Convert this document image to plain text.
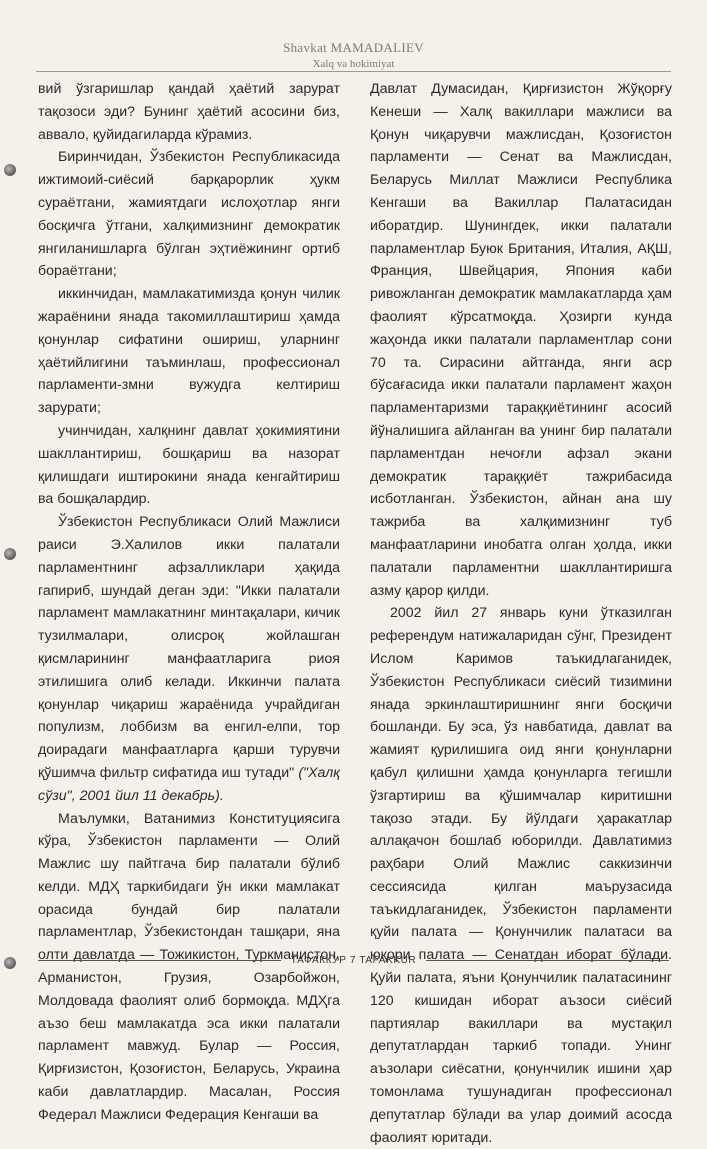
Shavkat MAMADALIEV
Xalq va hokimiyat

вий ўзгаришлар қандай ҳаётий зарурат тақозоси эди? Бунинг ҳаётий асосини биз, аввало, қуйидагиларда кўрамиз.

Биринчидан, Ўзбекистон Республикасида ижтимоий-сиёсий барқарорлик ҳукм сураётгани, жамиятдаги ислоҳотлар янги босқичга ўтгани, халқимизнинг демократик янгиланишларга бўлган эҳтиёжининг ортиб бораётгани;

иккинчидан, мамлакатимизда қонун чилик жараёнини янада такомиллаштириш ҳамда қонунлар сифатини ошириш, уларнинг ҳаётийлигини таъминлаш, профессионал парламенти-змни вужудга келтириш зарурати;

учинчидан, халқнинг давлат ҳокимиятини шакллантириш, бошқариш ва назорат қилишдаги иштирокини янада кенгайтириш ва бошқалардир.

Ўзбекистон Республикаси Олий Мажлиси раиси Э.Халилов икки палатали парламентнинг афзалликлари ҳақида гапириб, шундай деган эди: "Икки палатали парламент мамлакатнинг минтақалари, кичик тузилмалари, олисроқ жойлашган қисмларининг манфаатларига риоя этилишига олиб келади. Иккинчи палата қонунлар чиқариш жараёнида учрайдиган популизм, лоббизм ва енгил-елпи, тор доирадаги манфаатларга қарши турувчи қўшимча фильтр сифатида иш тутади" ("Халқ сўзи", 2001 йил 11 декабрь).

Маълумки, Ватанимиз Конституциясига кўра, Ўзбекистон парламенти — Олий Мажлис шу пайтгача бир палатали бўлиб келди. МДҲ таркибидаги ўн икки мамлакат орасида бундай бир палатали парламентлар, Ўзбекистондан ташқари, яна олти давлатда — Тожикистон, Туркманистон, Арманистон, Грузия, Озарбойжон, Молдовада фаолият олиб бормоқда. МДҲга аъзо беш мамлакатда эса икки палатали парламент мавжуд. Булар — Россия, Қирғизистон, Қозоғистон, Беларусь, Украина каби давлатлардир. Масалан, Россия Федерал Мажлиси Федерация Кенгаши ва

Давлат Думасидан, Қирғизистон Жўқорғу Кенеши — Халқ вакиллари мажлиси ва Қонун чиқарувчи мажлисдан, Қозоғистон парламенти — Сенат ва Мажлисдан, Беларусь Миллат Мажлиси Республика Кенгаши ва Вакиллар Палатасидан иборатдир. Шунингдек, икки палатали парламентлар Буюк Британия, Италия, АҚШ, Франция, Швейцария, Япония каби ривожланган демократик мамлакатларда ҳам фаолият кўрсатмоқда. Ҳозирги кунда жаҳонда икки палатали парламентлар сони 70 та. Сирасини айтганда, янги аср бўсағасида икки палатали парламент жаҳон парламентаризми тараққиётининг асосий йўналишига айланган ва унинг бир палатали парламентдан нечоғли афзал экани демократик тараққиёт тажрибасида исботланган. Ўзбекистон, айнан ана шу тажриба ва халқимизнинг туб манфаатларини инобатга олган ҳолда, икки палатали парламентни шакллантиришга азму қарор қилди.

2002 йил 27 январь куни ўтказилган референдум натижаларидан сўнг, Президент Ислом Каримов таъкидлаганидек, Ўзбекистон Республикаси сиёсий тизимини янада эркинлаштиришнинг янги босқичи бошланди. Бу эса, ўз навбатида, давлат ва жамият қурилишига оид янги қонунларни қабул қилишни ҳамда қонунларга тегишли ўзгартириш ва қўшимчалар киритишни тақозо этади. Бу йўлдаги ҳаракатлар аллақачон бошлаб юборилди. Давлатимиз раҳбари Олий Мажлис саккизинчи сессиясида қилган маърузасида таъкидлаганидек, Ўзбекистон парламенти қуйи палата — Қонунчилик палатаси ва юқори палата — Сенатдан иборат бўлади. Қуйи палата, яъни Қонунчилик палатасининг 120 кишидан иборат аъзоси сиёсий партиялар вакиллари ва мустақил депутатлардан таркиб топади. Унинг аъзолари сиёсатни, қонунчилик ишини ҳар томонлама тушунадиган профессионал депутатлар бўлади ва улар доимий асосда фаолият юритади.

ТАФАККУР 7 TAFAKKUR
